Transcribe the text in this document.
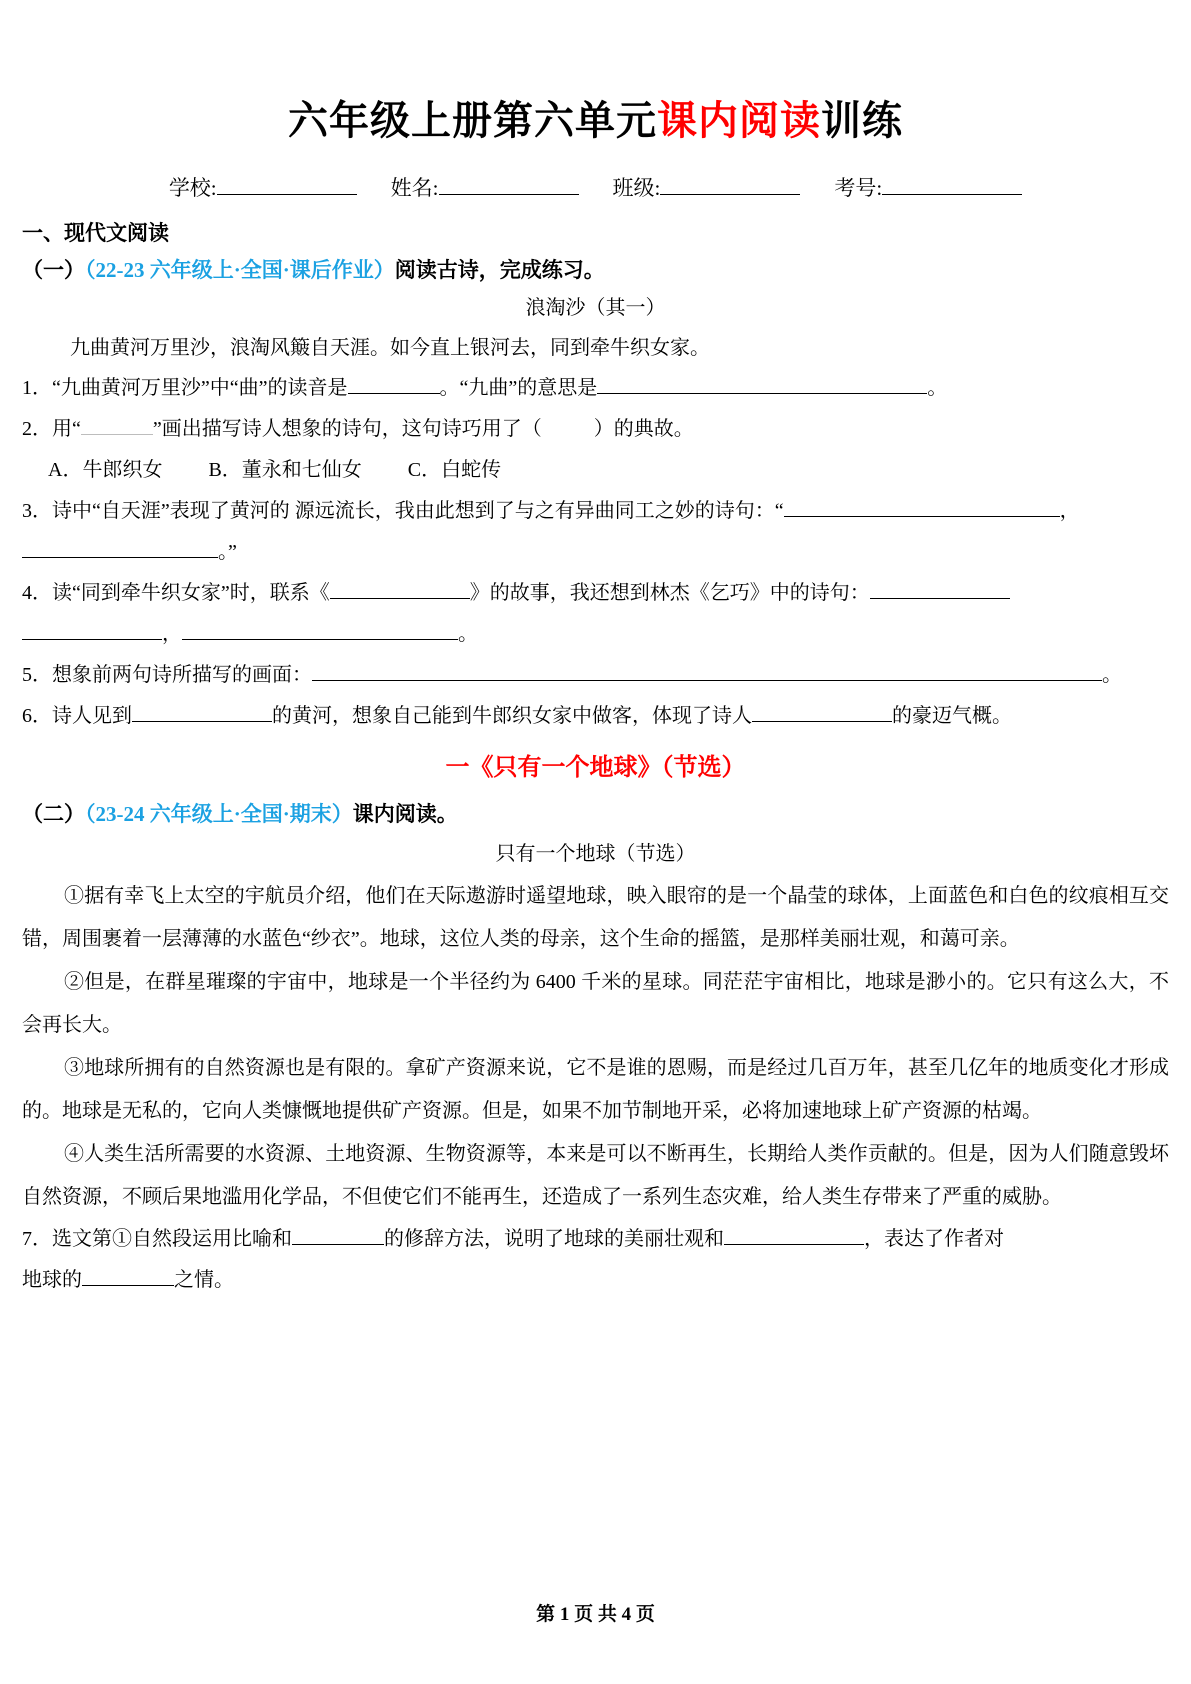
六年级上册第六单元课内阅读训练
学校:	姓名:	班级:	考号:

一、现代文阅读

（一）（22-23 六年级上·全国·课后作业）阅读古诗，完成练习。

浪淘沙（其一）

九曲黄河万里沙，浪淘风簸自天涯。如今直上银河去，同到牵牛织女家。

1．“九曲黄河万里沙”中“曲”的读音是	。“九曲”的意思是	。

2．用“	”画出描写诗人想象的诗句，这句诗巧用了（	）的典故。

A．牛郎织女 B．董永和七仙女 C．白蛇传

3．诗中“自天涯”表现了黄河的 源远流长，我由此想到了与之有异曲同工之妙的诗句：“	，
。”

4．读“同到牵牛织女家”时，联系《	》的故事，我还想到林杰《乞巧》中的诗句：
，	。

5．想象前两句诗所描写的画面：	。

6．诗人见到	的黄河，想象自己能到牛郎织女家中做客，体现了诗人	的豪迈气概。

一《只有一个地球》（节选）

（二）（23-24 六年级上·全国·期末）课内阅读。

只有一个地球（节选）

①据有幸飞上太空的宇航员介绍，他们在天际遨游时遥望地球，映入眼帘的是一个晶莹的球体，上面蓝色和白色的纹痕相互交错，周围裹着一层薄薄的水蓝色“纱衣”。地球，这位人类的母亲，这个生命的摇篮，是那样美丽壮观，和蔼可亲。

②但是，在群星璀璨的宇宙中，地球是一个半径约为 6400 千米的星球。同茫茫宇宙相比，地球是渺小的。它只有这么大，不会再长大。

③地球所拥有的自然资源也是有限的。拿矿产资源来说，它不是谁的恩赐，而是经过几百万年，甚至几亿年的地质变化才形成的。地球是无私的，它向人类慷慨地提供矿产资源。但是，如果不加节制地开采，必将加速地球上矿产资源的枯竭。

④人类生活所需要的水资源、土地资源、生物资源等，本来是可以不断再生，长期给人类作贡献的。但是，因为人们随意毁坏自然资源，不顾后果地滥用化学品，不但使它们不能再生，还造成了一系列生态灾难，给人类生存带来了严重的威胁。

7．选文第①自然段运用比喻和	的修辞方法，说明了地球的美丽壮观和	，表达了作者对
地球的	之情。

第 1 页 共 4 页
